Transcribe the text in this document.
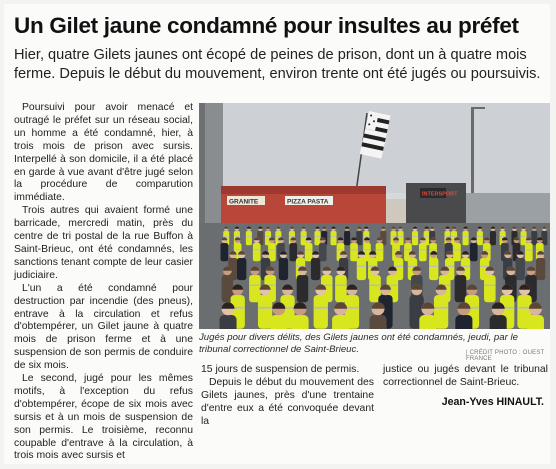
Un Gilet jaune condamné pour insultes au préfet
Hier, quatre Gilets jaunes ont écopé de peines de prison, dont un à quatre mois ferme. Depuis le début du mouvement, environ trente ont été jugés ou poursuivis.

Poursuivi pour avoir menacé et outragé le préfet sur un réseau social, un homme a été condamné, hier, à trois mois de prison avec sursis. Interpellé à son domicile, il a été placé en garde à vue avant d'être jugé selon la procédure de comparution immédiate.

Trois autres qui avaient formé une barricade, mercredi matin, près du centre de tri postal de la rue Buffon à Saint-Brieuc, ont été condamnés, les sanctions tenant compte de leur casier judiciaire.

L'un a été condamné pour destruction par incendie (des pneus), entrave à la circulation et refus d'obtempérer, un Gilet jaune à quatre mois de prison ferme et à une suspension de son permis de conduire de six mois.

Le second, jugé pour les mêmes motifs, à l'exception du refus d'obtempérer, écope de six mois avec sursis et à un mois de suspension de son permis. Le troisième, reconnu coupable d'entrave à la circulation, à trois mois avec sursis et

GRANITE	PIZZA PASTA
INTERSPORT
Jugés pour divers délits, des Gilets jaunes ont été condamnés, jeudi, par le tribunal correctionnel de Saint-Brieuc.	| CRÉDIT PHOTO : OUEST FRANCE

15 jours de suspension de permis.

Depuis le début du mouvement des Gilets jaunes, près d'une trentaine d'entre eux a été convoquée devant la

justice ou jugés devant le tribunal correctionnel de Saint-Brieuc.

Jean-Yves HINAULT.
